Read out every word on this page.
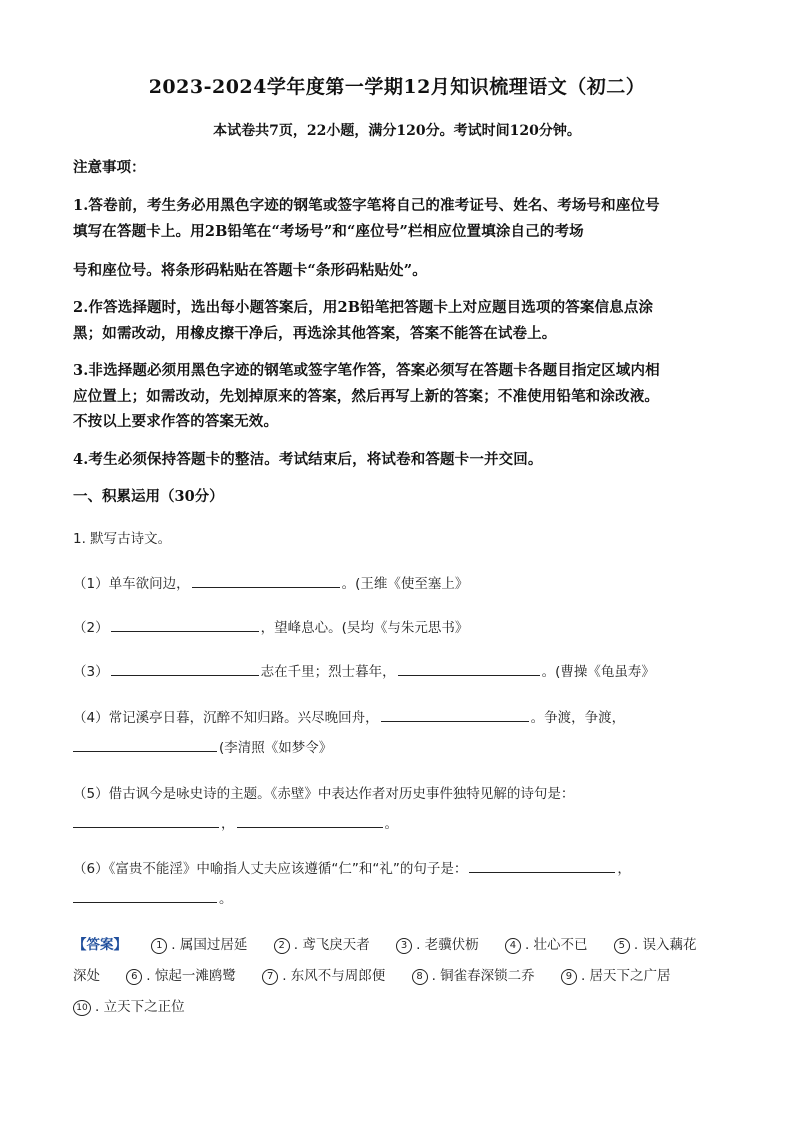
2023-2024学年度第一学期12月知识梳理语文（初二）
本试卷共7页，22小题，满分120分。考试时间120分钟。
注意事项：
1.答卷前，考生务必用黑色字迹的钢笔或签字笔将自己的准考证号、姓名、考场号和座位号
填写在答题卡上。用2B铅笔在“考场号”和“座位号”栏相应位置填涂自己的考场
号和座位号。将条形码粘贴在答题卡“条形码粘贴处”。
2.作答选择题时，选出每小题答案后，用2B铅笔把答题卡上对应题目选项的答案信息点涂
黑；如需改动，用橡皮擦干净后，再选涂其他答案，答案不能答在试卷上。
3.非选择题必须用黑色字迹的钢笔或签字笔作答，答案必须写在答题卡各题目指定区域内相
应位置上；如需改动，先划掉原来的答案，然后再写上新的答案；不准使用铅笔和涂改液。
不按以上要求作答的答案无效。
4.考生必须保持答题卡的整洁。考试结束后，将试卷和答题卡一并交回。
一、积累运用（30分）
1. 默写古诗文。
（1）单车欲问边，	。(王维《使至塞上》
（2）	，望峰息心。(吴均《与朱元思书》
（3）	志在千里；烈士暮年，	。(曹操《龟虽寿》
（4）常记溪亭日暮，沉醉不知归路。兴尽晚回舟，	。争渡，争渡，
(李清照《如梦令》
（5）借古讽今是咏史诗的主题。《赤壁》中表达作者对历史事件独特见解的诗句是：
，	。
（6）《富贵不能淫》中喻指人丈夫应该遵循“仁”和“礼”的句子是：	，
。
【答案】	1 . 属国过居延	2 . 鸢飞戾天者	3 . 老骥伏枥	4 . 壮心不已	5 . 误入藕花
深处	6 . 惊起一滩鸥鹭	7 . 东风不与周郎便	8 . 铜雀春深锁二乔	9 . 居天下之广居
10 . 立天下之正位
